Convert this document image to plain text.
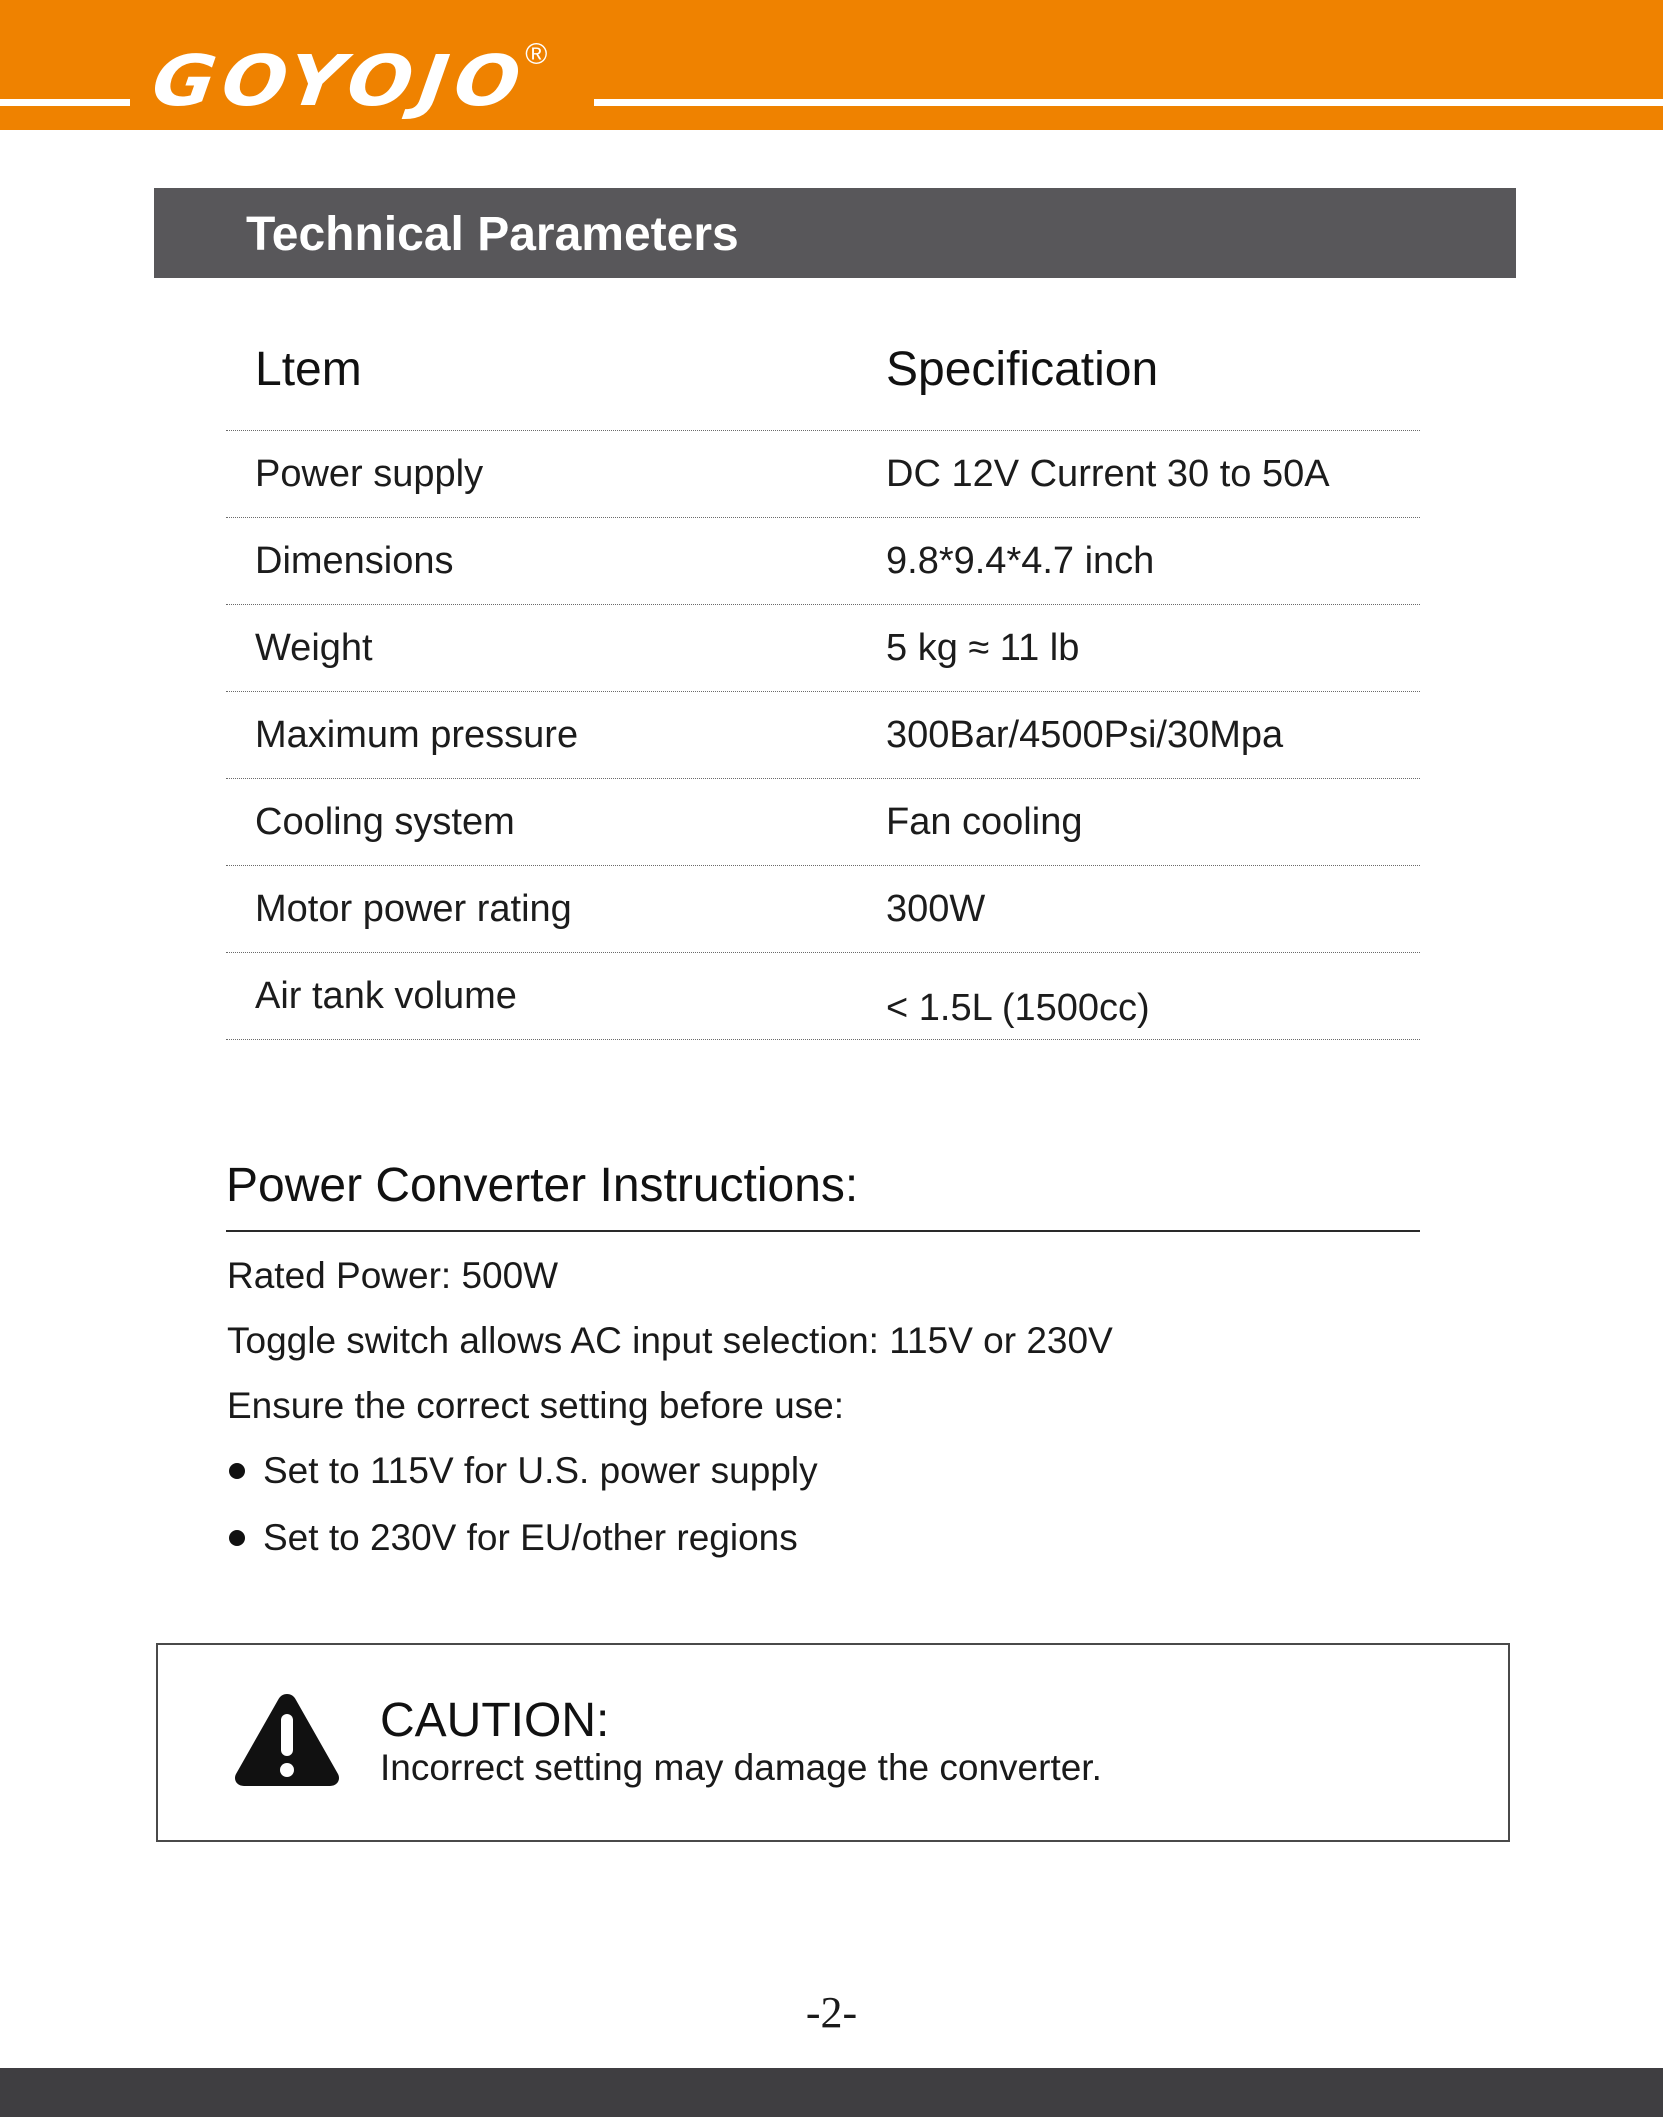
GOYOJO
®
Technical Parameters
Ltem	Specification
Power supply	DC 12V Current 30 to 50A
Dimensions	9.8*9.4*4.7 inch
Weight	5 kg ≈ 11 lb
Maximum pressure	300Bar/4500Psi/30Mpa
Cooling system	Fan cooling
Motor power rating	300W
Air tank volume	< 1.5L (1500cc)
Power Converter Instructions:
Rated Power: 500W
Toggle switch allows AC input selection: 115V or 230V
Ensure the correct setting before use:
Set to 115V for U.S. power supply
Set to 230V for EU/other regions
CAUTION:
Incorrect setting may damage the converter.
-2-
